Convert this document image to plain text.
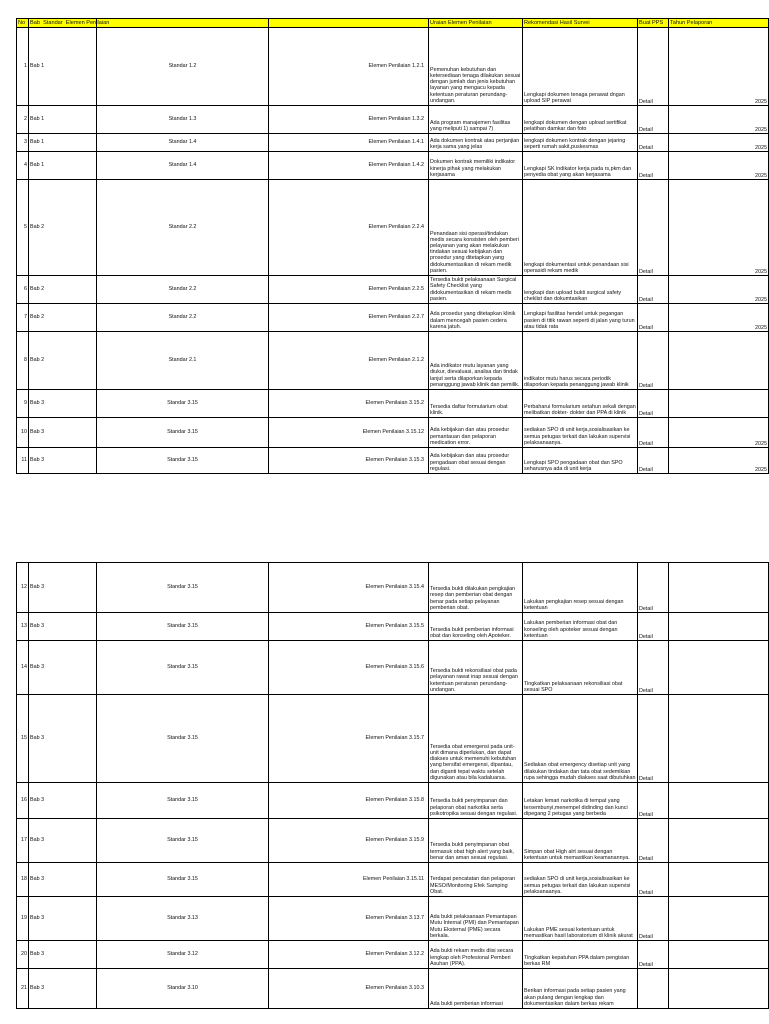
No	Bab Standar Elemen Penilaian			Uraian Elemen Penilaian	Rekomendasi Hasil Survei	Buat PPS	Tahun Pelaporan
1	Bab 1	Standar 1.2	Elemen Penilaian 1.2.1	Pemenuhan kebutuhan dan ketersediaan tenaga dilakukan sesuai dengan jumlah dan jenis kebutuhan layanan yang mengacu kepada ketentuan peraturan perundang-undangan.	Lengkapi dokumen tenaga perawat dngan upload SIP perawat	Detail	2025
2	Bab 1	Standar 1.3	Elemen Penilaian 1.3.2	Ada program manajemen fasilitas yang meliputi 1) sampai 7)	lengkapi dokumen dengan upload sertifikat pelatihan damkar dan foto	Detail	2025
3	Bab 1	Standar 1.4	Elemen Penilaian 1.4.1	Ada dokumen kontrak atau perjanjian kerja sama yang jelas	lengkapi dokumen kontrak dengan jejaring seperti rumah sakit,puskesmas	Detail	2025
4	Bab 1	Standar 1.4	Elemen Penilaian 1.4.2	Dokumen kontrak memiliki indikator kinerja pihak yang melakukan kerjasama	Lengkapi SK indikator kerja pada rs,pkm dan penyedia obat yang akan kerjasama	Detail	2025
5	Bab 2	Standar 2.2	Elemen Penilaian 2.2.4	Penandaan sisi operasi/tindakan medis secara konsisten oleh pemberi pelayanan yang akan melakukan tindakan sesuai kebijakan dan prosedur yang ditetapkan yang didokumentasikan di rekam medik pasien.	lengkapi dokumentasi untuk penandaan sisi operasidi rekam medik	Detail	2025
6	Bab 2	Standar 2.2	Elemen Penilaian 2.2.5	Tersedia bukti pelaksanaan Surgical Safety Checklist yang didokumentasikan di rekam medis pasien.	lengkapi dan upload bukti surgical safety cheklist dan dokumtasikan	Detail	2025
7	Bab 2	Standar 2.2	Elemen Penilaian 2.2.7	Ada prosedur yang ditetapkan klinik dalam mencegah pasien cedera karena jatuh.	Lengkapi fasilitas hendel untuk pegangan pasien di titik rawan seperti di jalan yang turun atau tidak rata	Detail	2025
8	Bab 2	Standar 2.1	Elemen Penilaian 2.1.2	Ada indikator mutu layanan yang diukur, dievaluasi, analisa dan tindak lanjut serta dilaporkan kepada penanggung jawab klinik dan pemilik.	indikator mutu harus secara periodik dilaporkan kepada penanggung jawab klinik	Detail	
9	Bab 3	Standar 3.15	Elemen Penilaian 3.15.2	Tersedia daftar formularium obat klinik.	Perbaharui formularium setahun sekali dengan melibatkan dokter- dokter dan PPA di klinik	Detail	
10	Bab 3	Standar 3.15	Elemen Penilaian 3.15.12	Ada kebijakan dan atau prosedur pemantauan dan pelaporan medication error.	sediakan SPO di unit kerja,sosialisasikan ke semua petugas terkait dan lakukan supervisi pelaksanaanya.	Detail	2025
11	Bab 3	Standar 3.15	Elemen Penilaian 3.15.3	Ada kebijakan dan atau prosedur pengadaan obat sesuai dengan regulasi.	Lengkapi SPO pengadaan obat dan SPO seharusnya ada di unit kerja	Detail	2025
12	Bab 3	Standar 3.15	Elemen Penilaian 3.15.4	Tersedia bukti dilakukan pengkajian resep dan pemberian obat dengan benar pada setiap pelayanan pemberian obat.	Lakukan pengkajian resep sesuai dengan ketentuan	Detail	
13	Bab 3	Standar 3.15	Elemen Penilaian 3.15.5	Tersedia bukti pemberian informasi obat dan konseling oleh Apoteker.	Lakukan pemberian informasi obat dan konseling oleh apoteker sesuai dengan ketentuan	Detail	
14	Bab 3	Standar 3.15	Elemen Penilaian 3.15.6	Tersedia bukti rekonsiliasi obat pada pelayanan rawat inap sesuai dengan ketentuan peraturan perundang-undangan.	Tingkatkan pelaksanaan rekonsiliasi obat sesuai SPO	Detail	
15	Bab 3	Standar 3.15	Elemen Penilaian 3.15.7	Tersedia obat emergensi pada unit-unit dimana diperlukan, dan dapat diakses untuk memenuhi kebutuhan yang bersifat emergensi, dipantau, dan diganti tepat waktu setelah digunakan atau bila kadaluarsa.	Sediakan obat emergency disetiap unit yang dilakukan tindakan dan tata obat sedemikian rupa sehingga mudah diakses saat dibutuhkan	Detail	
16	Bab 3	Standar 3.15	Elemen Penilaian 3.15.8	Tersedia bukti penyimpanan dan pelaporan obat narkotika serta psikotropika sesuai dengan regulasi.	Letakan lemari narkotika di tempat yang tersembunyi,menempel didinding dan kunci dipegang 2 petugas yang berbeda	Detail	
17	Bab 3	Standar 3.15	Elemen Penilaian 3.15.9	Tersedia bukti penyimpanan obat termasuk obat high alert yang baik, benar dan aman sesuai regulasi.	Simpan obat High alrt sesuai dengan ketentuan untuk memastikan keamanannya.	Detail	
18	Bab 3	Standar 3.15	Elemen Penilaian 3.15.11	Terdapat pencatatan dan pelaporan MESO/Monitoring Efek Samping Obat.	sediakan SPO di unit kerja,sosialisasikan ke semua petugas terkait dan lakukan supervisi pelaksanaanya.	Detail	
19	Bab 3	Standar 3.13	Elemen Penilaian 3.13.7	Ada bukti pelaksanaan Pemantapan Mutu Internal (PMI) dan Pemantapan Mutu Eksternal (PME) secara berkala.	Lakukan PME sesuai ketentuan untuk memastikan hasil laboratorium di klinik akurat	Detail	
20	Bab 3	Standar 3.12	Elemen Penilaian 3.12.2	Ada bukti rekam medis diisi secara lengkap oleh Profesional Pemberi Asuhan (PPA).	Tingkatkan kepatuhan PPA dalam pengisian berkas RM	Detail	
21	Bab 3	Standar 3.10	Elemen Penilaian 3.10.3	Ada bukti pemberian informasi	Berikan informasi pada setiap pasien yang akan pulang dengan lengkap dan dokumentasikan dalam berkas rekam		
